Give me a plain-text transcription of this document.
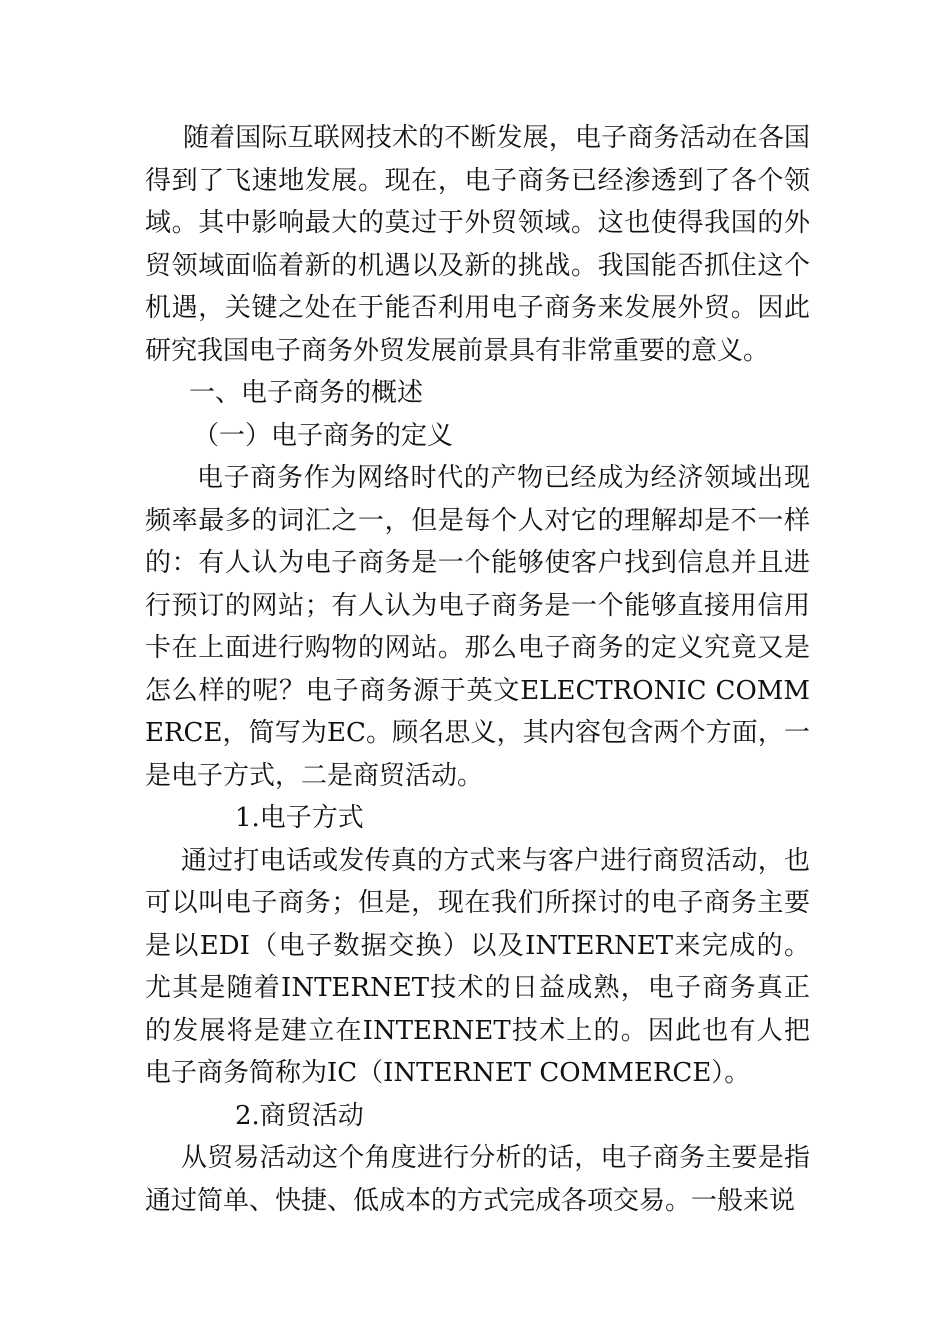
随着国际互联网技术的不断发展，电子商务活动在各国得到了飞速地发展。现在，电子商务已经渗透到了各个领域。其中影响最大的莫过于外贸领域。这也使得我国的外贸领域面临着新的机遇以及新的挑战。我国能否抓住这个机遇，关键之处在于能否利用电子商务来发展外贸。因此研究我国电子商务外贸发展前景具有非常重要的意义。

一、电子商务的概述

（一）电子商务的定义

电子商务作为网络时代的产物已经成为经济领域出现频率最多的词汇之一，但是每个人对它的理解却是不一样的：有人认为电子商务是一个能够使客户找到信息并且进行预订的网站；有人认为电子商务是一个能够直接用信用卡在上面进行购物的网站。那么电子商务的定义究竟又是怎么样的呢？电子商务源于英文ELECTRONIC COMMERCE，简写为EC。顾名思义，其内容包含两个方面，一是电子方式，二是商贸活动。

1.电子方式

通过打电话或发传真的方式来与客户进行商贸活动，也可以叫电子商务；但是，现在我们所探讨的电子商务主要是以EDI（电子数据交换）以及INTERNET来完成的。尤其是随着INTERNET技术的日益成熟，电子商务真正的发展将是建立在INTERNET技术上的。因此也有人把电子商务简称为IC（INTERNET COMMERCE）。

2.商贸活动

从贸易活动这个角度进行分析的话，电子商务主要是指通过简单、快捷、低成本的方式完成各项交易。一般来说
